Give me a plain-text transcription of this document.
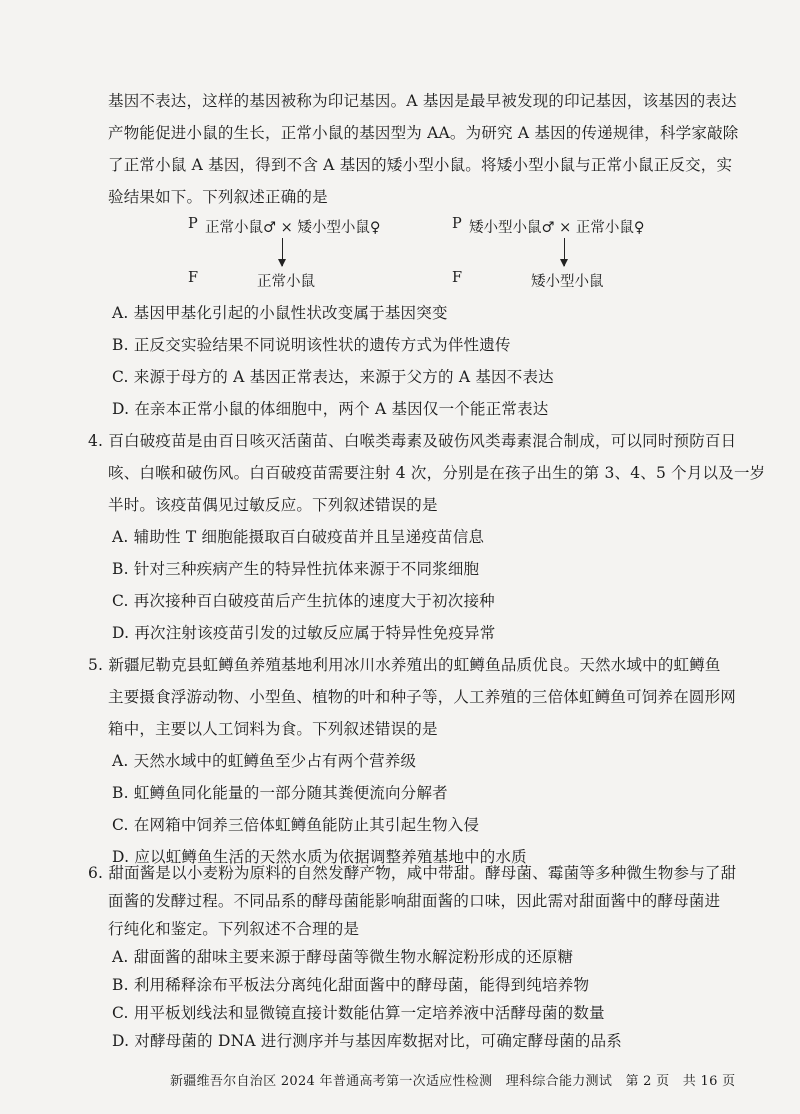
基因不表达，这样的基因被称为印记基因。A 基因是最早被发现的印记基因，该基因的表达
产物能促进小鼠的生长，正常小鼠的基因型为 AA。为研究 A 基因的传递规律，科学家敲除
了正常小鼠 A 基因，得到不含 A 基因的矮小型小鼠。将矮小型小鼠与正常小鼠正反交，实
验结果如下。下列叙述正确的是
P 正常小鼠♂ × 矮小型小鼠♀
F	正常小鼠
P 矮小型小鼠♂ × 正常小鼠♀
F	矮小型小鼠
A. 基因甲基化引起的小鼠性状改变属于基因突变
B. 正反交实验结果不同说明该性状的遗传方式为伴性遗传
C. 来源于母方的 A 基因正常表达，来源于父方的 A 基因不表达
D. 在亲本正常小鼠的体细胞中，两个 A 基因仅一个能正常表达
4. 百白破疫苗是由百日咳灭活菌苗、白喉类毒素及破伤风类毒素混合制成，可以同时预防百日
咳、白喉和破伤风。白百破疫苗需要注射 4 次，分别是在孩子出生的第 3、4、5 个月以及一岁
半时。该疫苗偶见过敏反应。下列叙述错误的是
A. 辅助性 T 细胞能摄取百白破疫苗并且呈递疫苗信息
B. 针对三种疾病产生的特异性抗体来源于不同浆细胞
C. 再次接种百白破疫苗后产生抗体的速度大于初次接种
D. 再次注射该疫苗引发的过敏反应属于特异性免疫异常
5. 新疆尼勒克县虹鳟鱼养殖基地利用冰川水养殖出的虹鳟鱼品质优良。天然水域中的虹鳟鱼
主要摄食浮游动物、小型鱼、植物的叶和种子等，人工养殖的三倍体虹鳟鱼可饲养在圆形网
箱中，主要以人工饲料为食。下列叙述错误的是
A. 天然水域中的虹鳟鱼至少占有两个营养级
B. 虹鳟鱼同化能量的一部分随其粪便流向分解者
C. 在网箱中饲养三倍体虹鳟鱼能防止其引起生物入侵
D. 应以虹鳟鱼生活的天然水质为依据调整养殖基地中的水质
6. 甜面酱是以小麦粉为原料的自然发酵产物，咸中带甜。酵母菌、霉菌等多种微生物参与了甜
面酱的发酵过程。不同品系的酵母菌能影响甜面酱的口味，因此需对甜面酱中的酵母菌进
行纯化和鉴定。下列叙述不合理的是
A. 甜面酱的甜味主要来源于酵母菌等微生物水解淀粉形成的还原糖
B. 利用稀释涂布平板法分离纯化甜面酱中的酵母菌，能得到纯培养物
C. 用平板划线法和显微镜直接计数能估算一定培养液中活酵母菌的数量
D. 对酵母菌的 DNA 进行测序并与基因库数据对比，可确定酵母菌的品系
新疆维吾尔自治区 2024 年普通高考第一次适应性检测　理科综合能力测试　第 2 页　共 16 页
